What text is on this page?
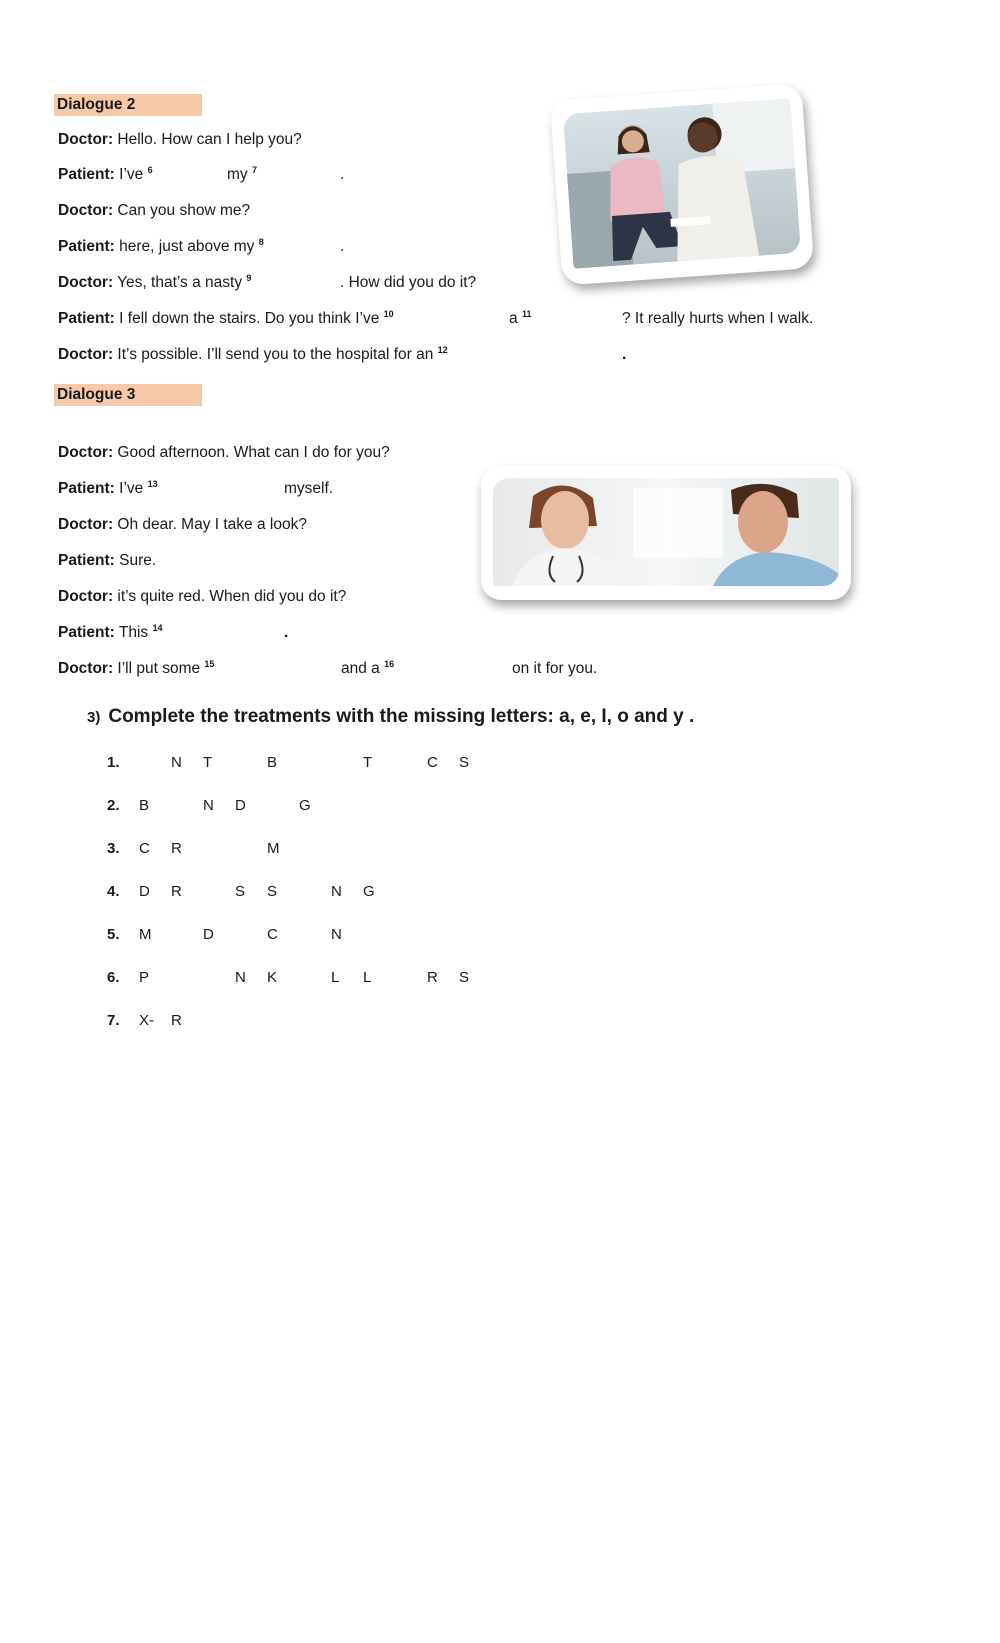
Dialogue 2
Doctor: Hello. How can I help you?
Patient: I’ve $^6$	my $^7$	.
Doctor: Can you show me?
Patient: here, just above my $^8$	.
Doctor: Yes, that’s a nasty $^9$	. How did you do it?
Patient: I fell down the stairs. Do you think I’ve $^{10}$	a $^{11}$	? It really hurts when I walk.
Doctor: It’s possible. I’ll send you to the hospital for an $^{12}$	.
Dialogue 3
Doctor: Good afternoon. What can I do for you?
Patient: I’ve $^{13}$	myself.
Doctor: Oh dear. May I take a look?
Patient: Sure.
Doctor: it’s quite red. When did you do it?
Patient: This $^{14}$	.
Doctor: I’ll put some $^{15}$	and a $^{16}$	on it for you.
3) Complete the treatments with the missing letters: a, e, I, o and y .
1.	N T	B	T	C S
2. B	N D	G
3. C R	M
4. D R	S S	N G
5. M	D	C	N
6. P	N K	L L	R S
7. X- R
